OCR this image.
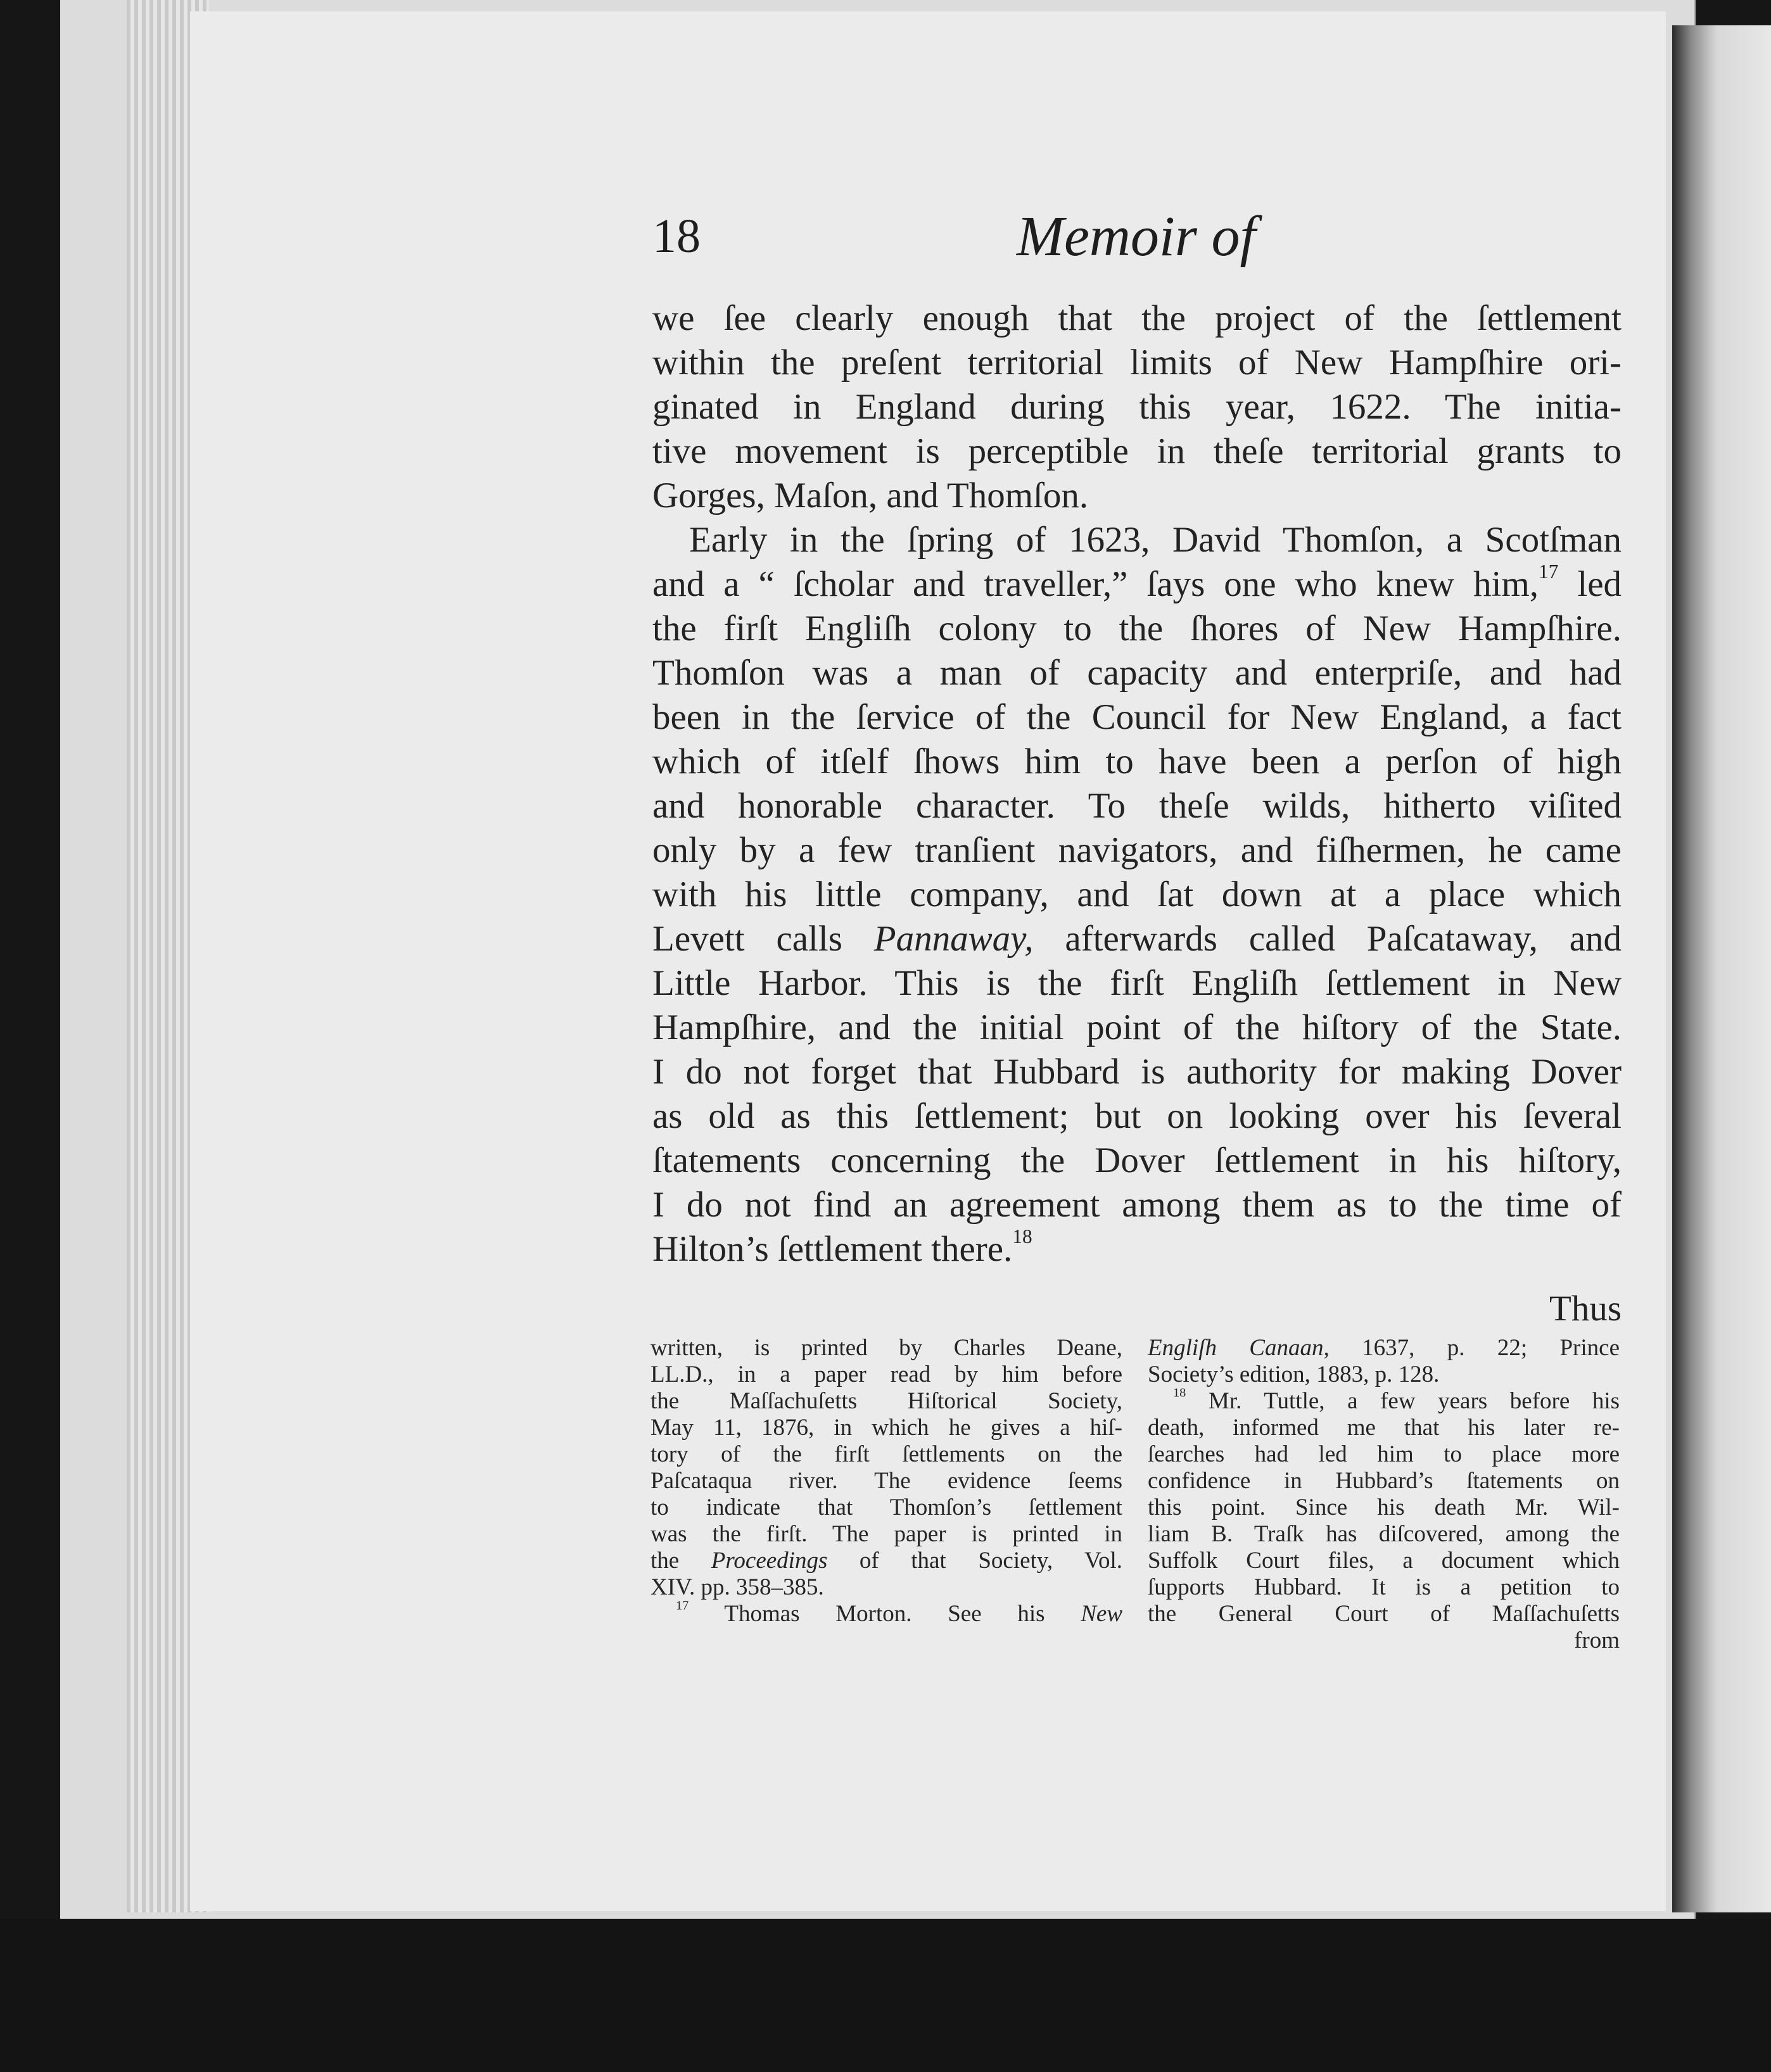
18	Memoir of
we ſee clearly enough that the project of the ſettlement
within the preſent territorial limits of New Hampſhire ori-
ginated in England during this year, 1622. The initia-
tive movement is perceptible in theſe territorial grants to
Gorges, Maſon, and Thomſon.
Early in the ſpring of 1623, David Thomſon, a Scotſman
and a “ ſcholar and traveller,” ſays one who knew him,$^{17}$ led
the firſt Engliſh colony to the ſhores of New Hampſhire.
Thomſon was a man of capacity and enterpriſe, and had
been in the ſervice of the Council for New England, a fact
which of itſelf ſhows him to have been a perſon of high
and honorable character. To theſe wilds, hitherto viſited
only by a few tranſient navigators, and fiſhermen, he came
with his little company, and ſat down at a place which
Levett calls Pannaway, afterwards called Paſcataway, and
Little Harbor. This is the firſt Engliſh ſettlement in New
Hampſhire, and the initial point of the hiſtory of the State.
I do not forget that Hubbard is authority for making Dover
as old as this ſettlement; but on looking over his ſeveral
ſtatements concerning the Dover ſettlement in his hiſtory,
I do not find an agreement among them as to the time of
Hilton’s ſettlement there.$^{18}$
Thus
written, is printed by Charles Deane,
LL.D., in a paper read by him before
the Maſſachuſetts Hiſtorical Society,
May 11, 1876, in which he gives a hiſ-
tory of the firſt ſettlements on the
Paſcataqua river. The evidence ſeems
to indicate that Thomſon’s ſettlement
was the firſt. The paper is printed in
the Proceedings of that Society, Vol.
XIV. pp. 358–385.
$^{17}$ Thomas Morton. See his New
Engliſh Canaan, 1637, p. 22; Prince
Society’s edition, 1883, p. 128.
$^{18}$ Mr. Tuttle, a few years before his
death, informed me that his later re-
ſearches had led him to place more
confidence in Hubbard’s ſtatements on
this point. Since his death Mr. Wil-
liam B. Traſk has diſcovered, among the
Suffolk Court files, a document which
ſupports Hubbard. It is a petition to
the General Court of Maſſachuſetts
from
